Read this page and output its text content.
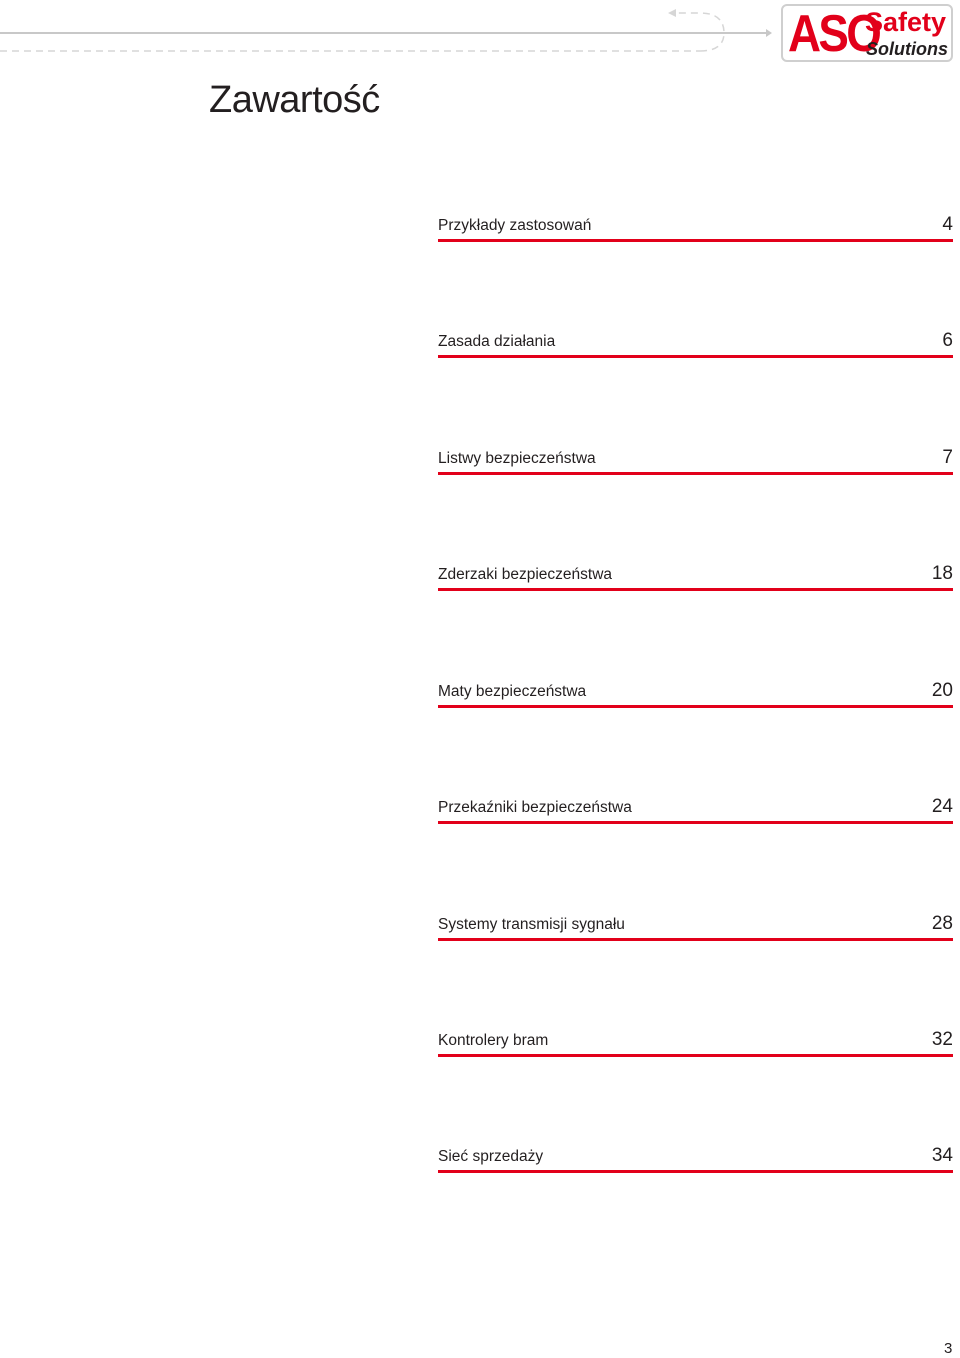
ASO
Safety
Solutions
Zawartość
Przykłady zastosowań	4
Zasada działania	6
Listwy bezpieczeństwa	7
Zderzaki bezpieczeństwa	18
Maty bezpieczeństwa	20
Przekaźniki bezpieczeństwa	24
Systemy transmisji sygnału	28
Kontrolery bram	32
Sieć sprzedaży	34
3
